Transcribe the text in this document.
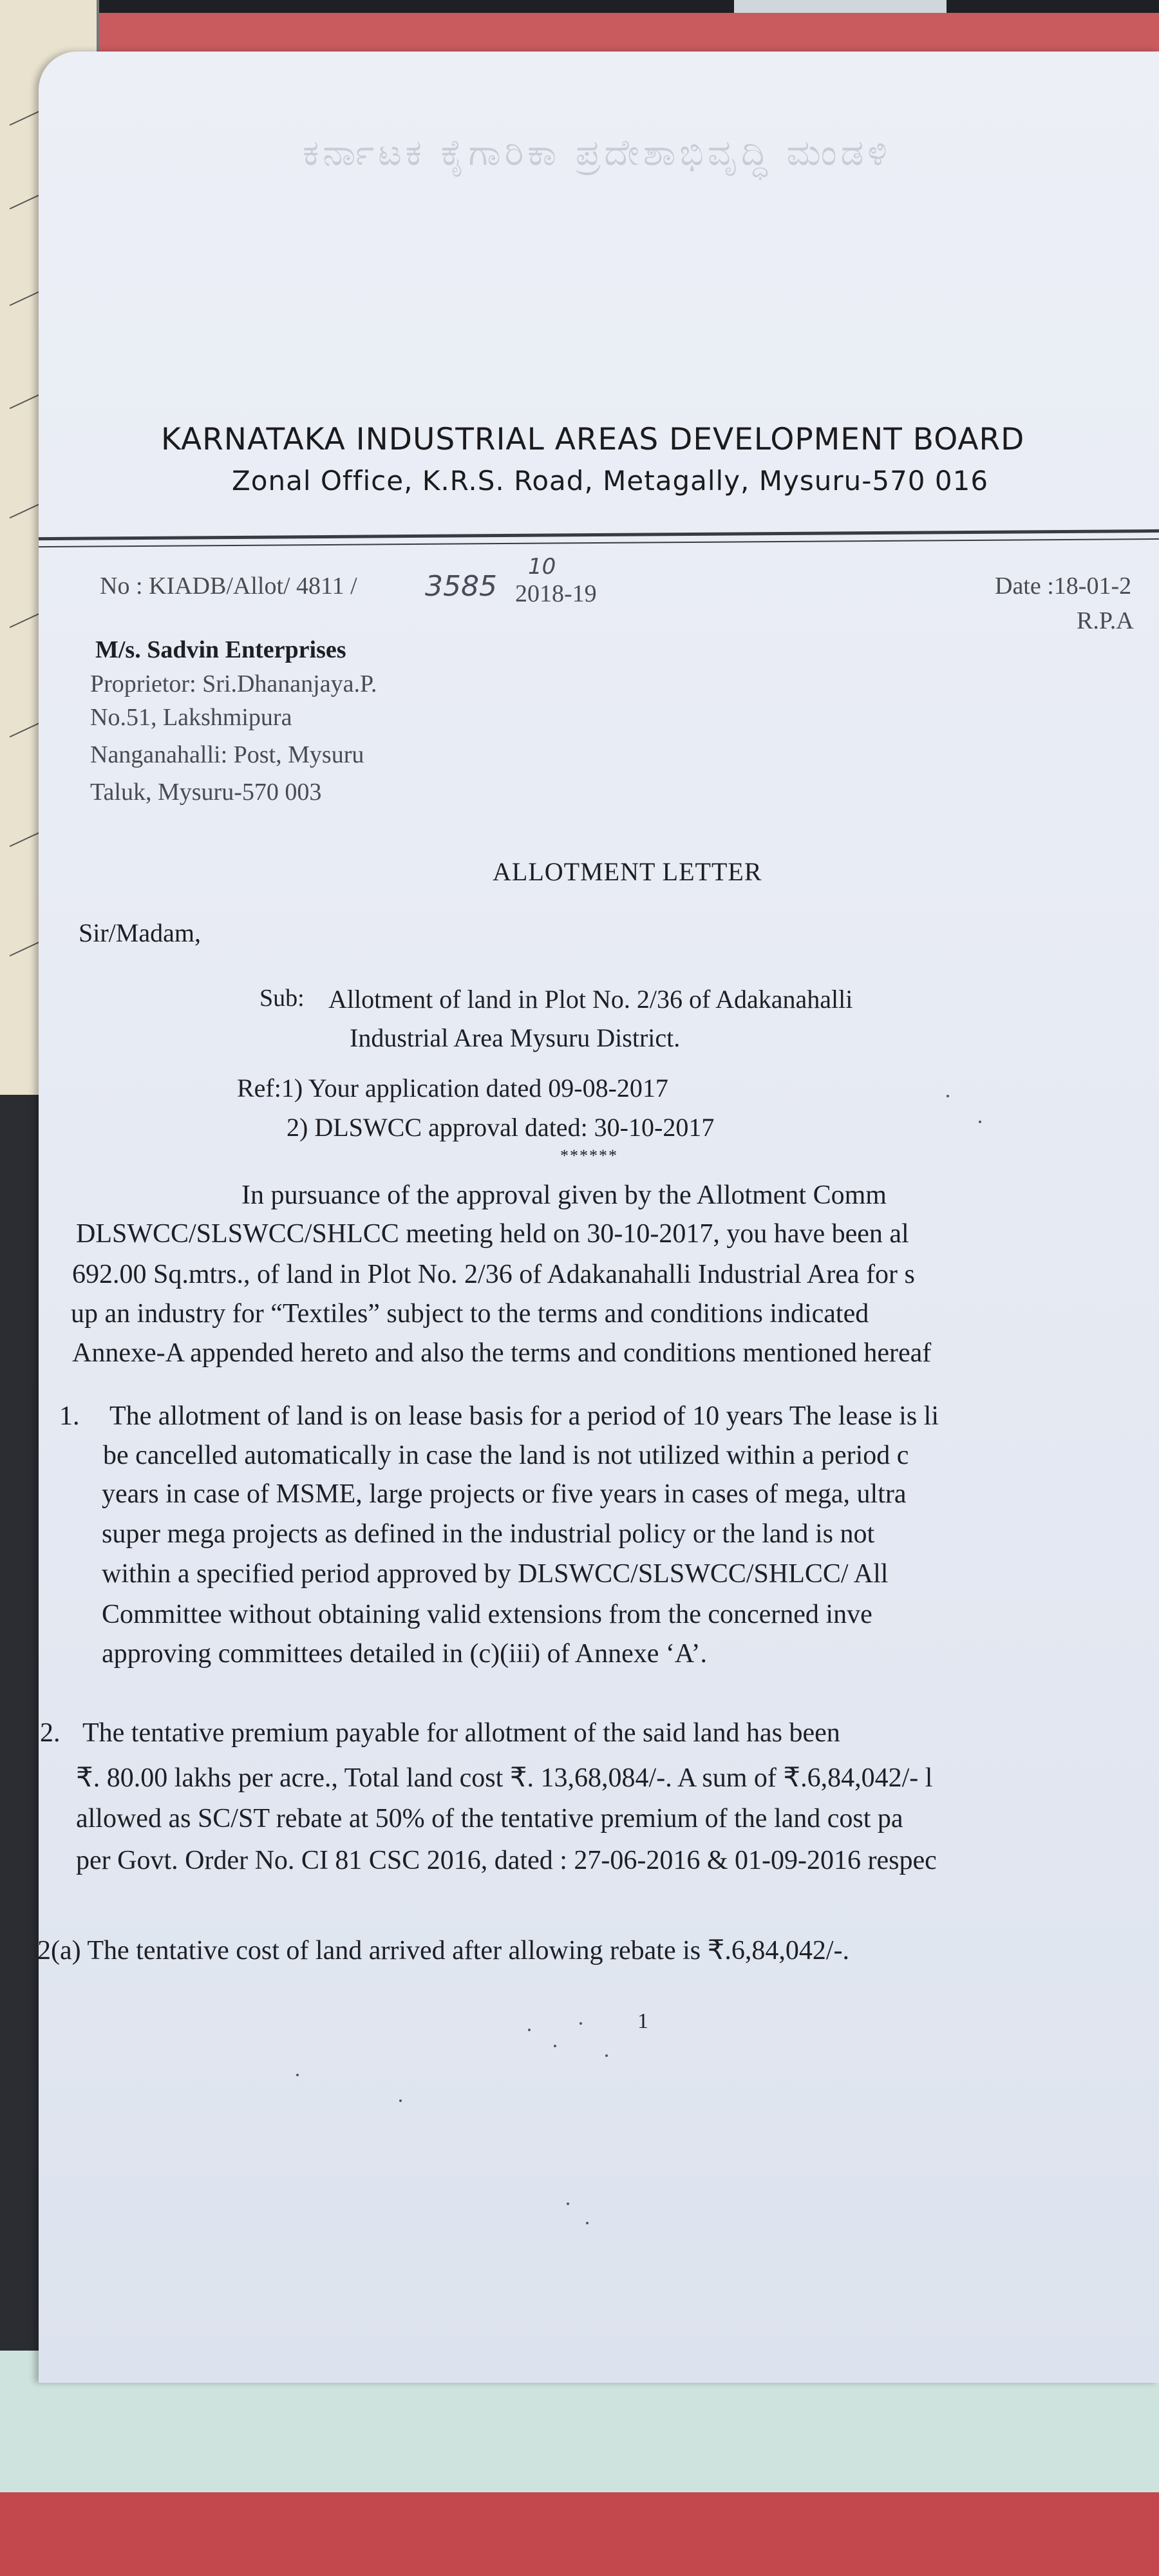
ಕರ್ನಾಟಕ ಕೈಗಾರಿಕಾ ಪ್ರದೇಶಾಭಿವೃದ್ಧಿ ಮಂಡಳಿ
KARNATAKA INDUSTRIAL AREAS DEVELOPMENT BOARD
Zonal Office, K.R.S. Road, Metagally, Mysuru-570 016
No : KIADB/Allot/ 4811 / 3585
10
2018-19	Date :18-01-2
R.P.A
M/s. Sadvin Enterprises
Proprietor: Sri.Dhananjaya.P.
No.51, Lakshmipura
Nanganahalli: Post, Mysuru
Taluk, Mysuru-570 003
ALLOTMENT LETTER
Sir/Madam,
Sub: Allotment of land in Plot No. 2/36 of Adakanahalli
Industrial Area Mysuru District.
Ref:1) Your application dated 09-08-2017
2) DLSWCC approval dated: 30-10-2017
******
In pursuance of the approval given by the Allotment Comm
DLSWCC/SLSWCC/SHLCC meeting held on 30-10-2017, you have been al
692.00 Sq.mtrs., of land in Plot No. 2/36 of Adakanahalli Industrial Area for s
up an industry for “Textiles” subject to the terms and conditions indicated
Annexe-A appended hereto and also the terms and conditions mentioned hereaf
1. The allotment of land is on lease basis for a period of 10 years The lease is li
be cancelled automatically in case the land is not utilized within a period c
years in case of MSME, large projects or five years in cases of mega, ultra
super mega projects as defined in the industrial policy or the land is not
within a specified period approved by DLSWCC/SLSWCC/SHLCC/ All
Committee without obtaining valid extensions from the concerned inve
approving committees detailed in (c)(iii) of Annexe ‘A’.
2. The tentative premium payable for allotment of the said land has been
₹. 80.00 lakhs per acre., Total land cost ₹. 13,68,084/-. A sum of ₹.6,84,042/- l
allowed as SC/ST rebate at 50% of the tentative premium of the land cost pa
per Govt. Order No. CI 81 CSC 2016, dated : 27-06-2016 & 01-09-2016 respec
2(a) The tentative cost of land arrived after allowing rebate is ₹.6,84,042/-.
1
